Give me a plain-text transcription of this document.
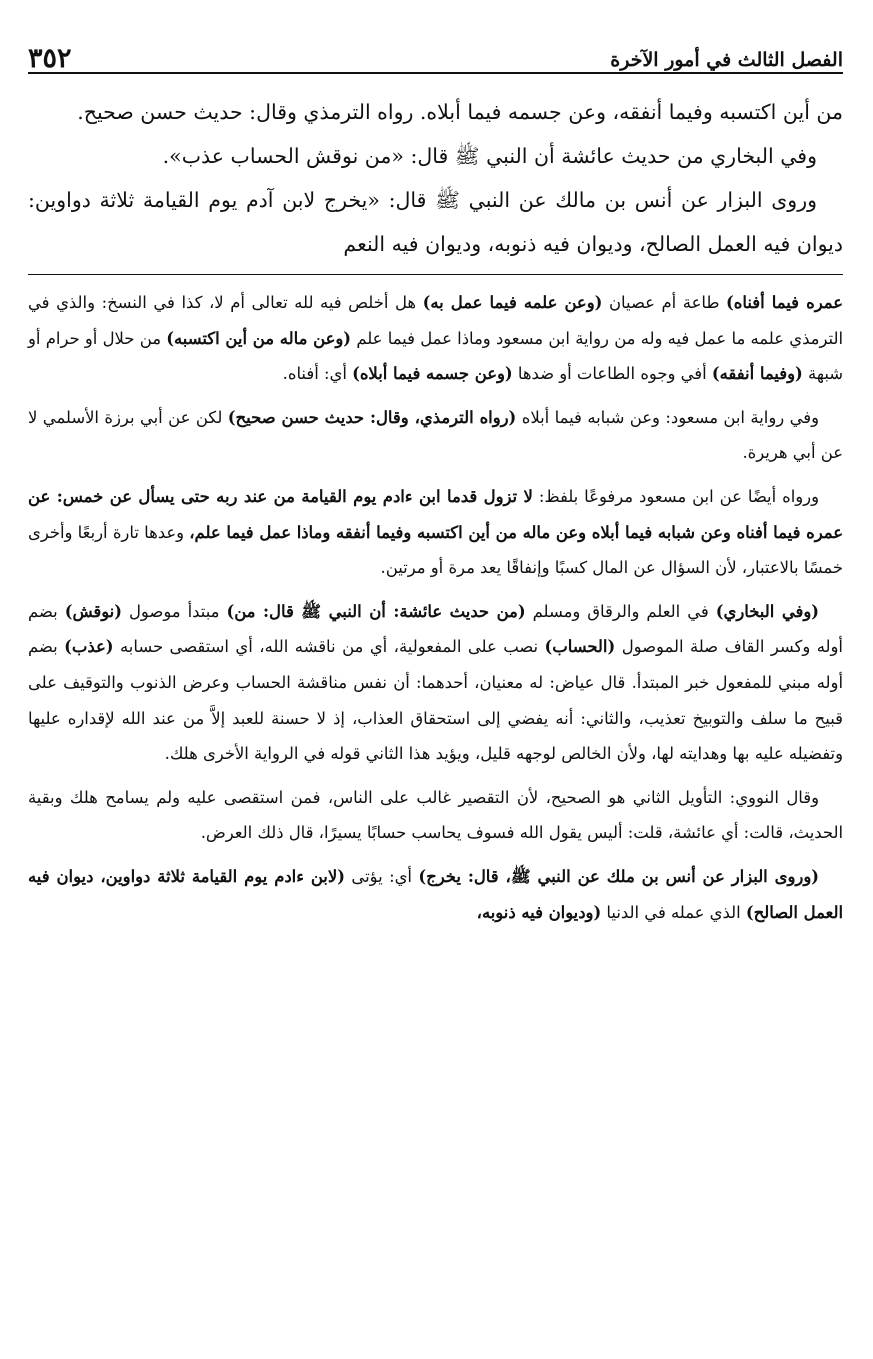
الفصل الثالث في أمور الآخرة
٣٥٢

من أين اكتسبه وفيما أنفقه، وعن جسمه فيما أبلاه. رواه الترمذي وقال: حديث حسن صحيح.

وفي البخاري من حديث عائشة أن النبي ﷺ قال: «من نوقش الحساب عذب».

وروى البزار عن أنس بن مالك عن النبي ﷺ قال: «يخرج لابن آدم يوم القيامة ثلاثة دواوين: ديوان فيه العمل الصالح، وديوان فيه ذنوبه، وديوان فيه النعم

عمره فيما أفناه) طاعة أم عصيان (وعن علمه فيما عمل به) هل أخلص فيه لله تعالى أم لا، كذا في النسخ: والذي في الترمذي علمه ما عمل فيه وله من رواية ابن مسعود وماذا عمل فيما علم (وعن ماله من أين اكتسبه) من حلال أو حرام أو شبهة (وفيما أنفقه) أفي وجوه الطاعات أو ضدها (وعن جسمه فيما أبلاه) أي: أفناه.

وفي رواية ابن مسعود: وعن شبابه فيما أبلاه (رواه الترمذي، وقال: حديث حسن صحيح) لكن عن أبي برزة الأسلمي لا عن أبي هريرة.

ورواه أيضًا عن ابن مسعود مرفوعًا بلفظ: لا تزول قدما ابن ءادم يوم القيامة من عند ربه حتى يسأل عن خمس: عن عمره فيما أفناه وعن شبابه فيما أبلاه وعن ماله من أين اكتسبه وفيما أنفقه وماذا عمل فيما علم، وعدها تارة أربعًا وأخرى خمسًا بالاعتبار، لأن السؤال عن المال كسبًا وإنفاقًا يعد مرة أو مرتين.

(وفي البخاري) في العلم والرقاق ومسلم (من حديث عائشة: أن النبي ﷺ قال: من) مبتدأ موصول (نوقش) بضم أوله وكسر القاف صلة الموصول (الحساب) نصب على المفعولية، أي من ناقشه الله، أي استقصى حسابه (عذب) بضم أوله مبني للمفعول خبر المبتدأ. قال عياض: له معنيان، أحدهما: أن نفس مناقشة الحساب وعرض الذنوب والتوقيف على قبيح ما سلف والتوبيخ تعذيب، والثاني: أنه يفضي إلى استحقاق العذاب، إذ لا حسنة للعبد إلاَّ من عند الله لإقداره عليها وتفضيله عليه بها وهدايته لها، ولأن الخالص لوجهه قليل، ويؤيد هذا الثاني قوله في الرواية الأخرى هلك.

وقال النووي: التأويل الثاني هو الصحيح، لأن التقصير غالب على الناس، فمن استقصى عليه ولم يسامح هلك وبقية الحديث، قالت: أي عائشة، قلت: أليس يقول الله فسوف يحاسب حسابًا يسيرًا، قال ذلك العرض.

(وروى البزار عن أنس بن ملك عن النبي ﷺ، قال: يخرج) أي: يؤتى (لابن ءادم يوم القيامة ثلاثة دواوين، ديوان فيه العمل الصالح) الذي عمله في الدنيا (وديوان فيه ذنوبه،
